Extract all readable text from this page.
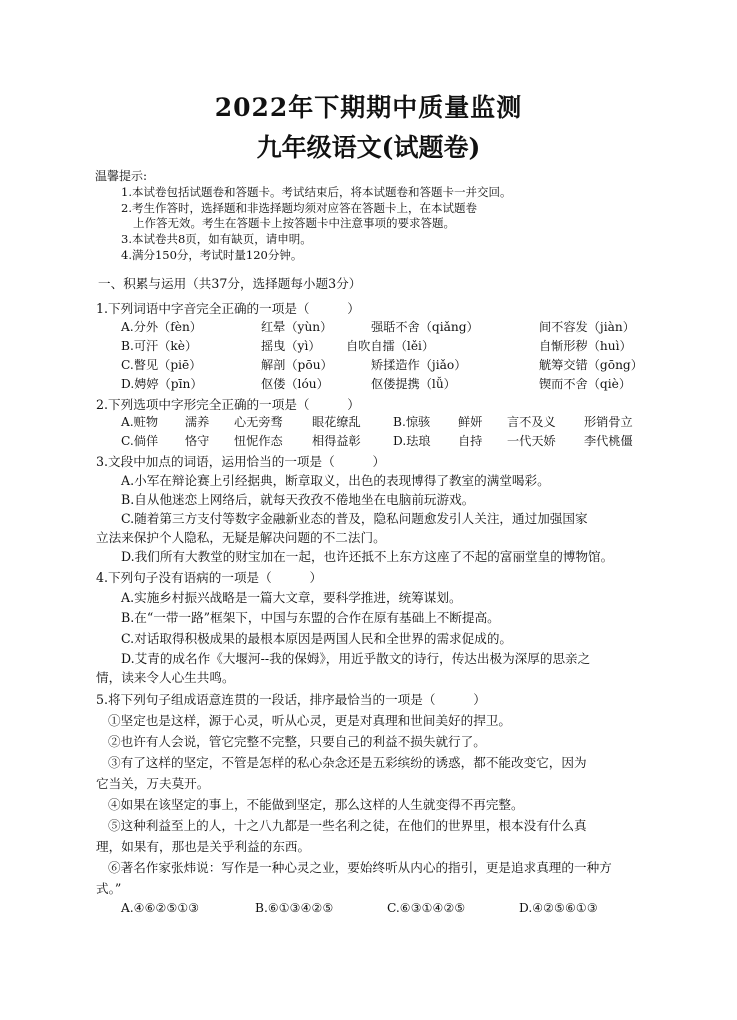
2022年下期期中质量监测
九年级语文(试题卷)
温馨提示:
1.本试卷包括试题卷和答题卡。考试结束后，将本试题卷和答题卡一并交回。
2.考生作答时，选择题和非选择题均须对应答在答题卡上，在本试题卷
上作答无效。考生在答题卡上按答题卡中注意事项的要求答题。
3.本试卷共8页，如有缺页，请申明。
4.满分150分，考试时量120分钟。
一、积累与运用（共37分，选择题每小题3分）
1.下列词语中字音完全正确的一项是（　　　）
A.分外（fèn）	红晕（yùn）	强聒不舍（qiǎng）	间不容发（jiàn）
B.可汗（kè）	摇曳（yì） 自吹自擂（lěi）	自惭形秽（huì）
C.瞥见（piē）	解剖（pōu）	矫揉造作（jiǎo）	觥筹交错（gōng）
D.娉婷（pīn）	伛偻（lóu）	伛偻提携（lǚ）	锲而不舍（qiè）
2.下列选项中字形完全正确的一项是（　　　）
A.赃物 濡养 心无旁骛 眼花缭乱	B.惊骇 鲜妍 言不及义 形销骨立
C.倘佯 恪守 忸怩作态 相得益彰	D.珐琅 自持 一代天娇 李代桃僵
3.文段中加点的词语，运用恰当的一项是（　　　）
A.小军在辩论赛上引经据典，断章取义，出色的表现博得了教室的满堂喝彩。
B.自从他迷恋上网络后，就每天孜孜不倦地坐在电脑前玩游戏。
C.随着第三方支付等数字金融新业态的普及，隐私问题愈发引人关注，通过加强国家
立法来保护个人隐私，无疑是解决问题的不二法门。
D.我们所有大教堂的财宝加在一起，也许还抵不上东方这座了不起的富丽堂皇的博物馆。
4.下列句子没有语病的一项是（　　　）
A.实施乡村振兴战略是一篇大文章，要科学推进，统筹谋划。
B.在“一带一路”框架下，中国与东盟的合作在原有基础上不断提高。
C.对话取得积极成果的最根本原因是两国人民和全世界的需求促成的。
D.艾青的成名作《大堰河--我的保姆》，用近乎散文的诗行，传达出极为深厚的思亲之
情，读来令人心生共鸣。
5.将下列句子组成语意连贯的一段话，排序最恰当的一项是（　　　）
①坚定也是这样，源于心灵，听从心灵，更是对真理和世间美好的捍卫。
②也许有人会说，管它完整不完整，只要自己的利益不损失就行了。
③有了这样的坚定，不管是怎样的私心杂念还是五彩缤纷的诱惑，都不能改变它，因为
它当关，万夫莫开。
④如果在该坚定的事上，不能做到坚定，那么这样的人生就变得不再完整。
⑤这种利益至上的人，十之八九都是一些名利之徒，在他们的世界里，根本没有什么真
理，如果有，那也是关乎利益的东西。
⑥著名作家张炜说：写作是一种心灵之业，要始终听从内心的指引，更是追求真理的一种方
式。”
A.④⑥②⑤①③	B.⑥①③④②⑤	C.⑥③①④②⑤	D.④②⑤⑥①③
